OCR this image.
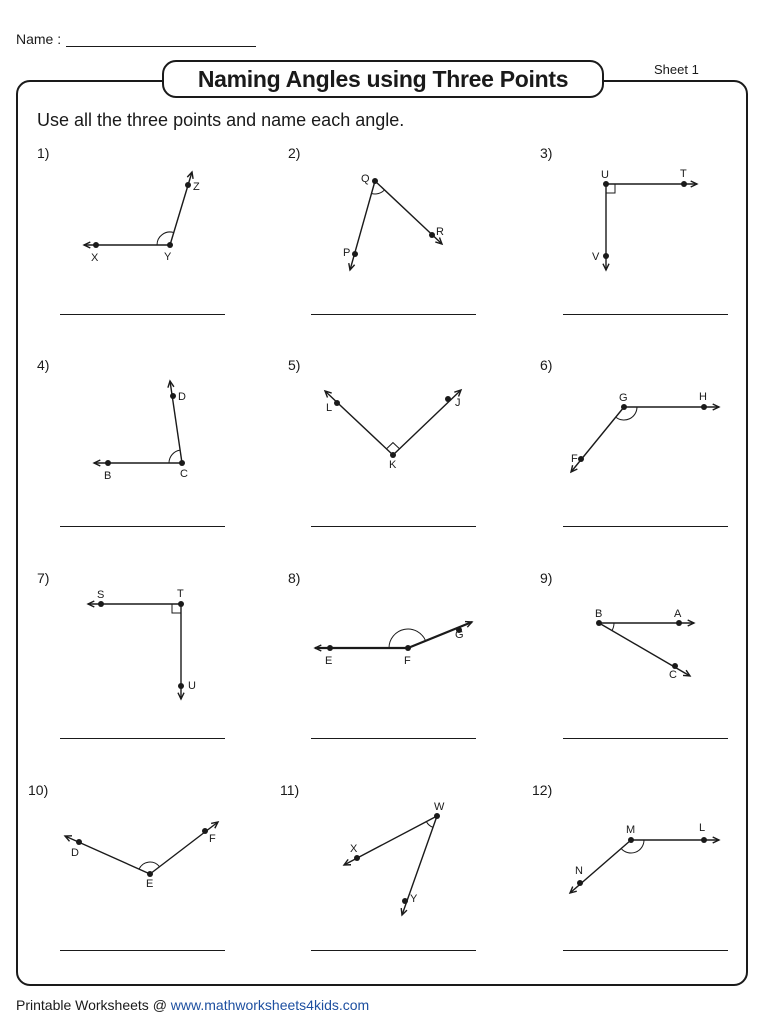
Name :
Sheet 1
Naming Angles using Three Points
Use all the three points and name each angle.
1)	2)	3)
4)	5)	6)
7)	8)	9)
10)	11)	12)
X	Y
Z
P
Q
R
U	T
V
D
B	C
L	J
K
G	H
F
S	T
U
E	F
G
B	A
C
D
E
F
X
W
Y
M	L
N
Printable Worksheets @ www.mathworksheets4kids.com
